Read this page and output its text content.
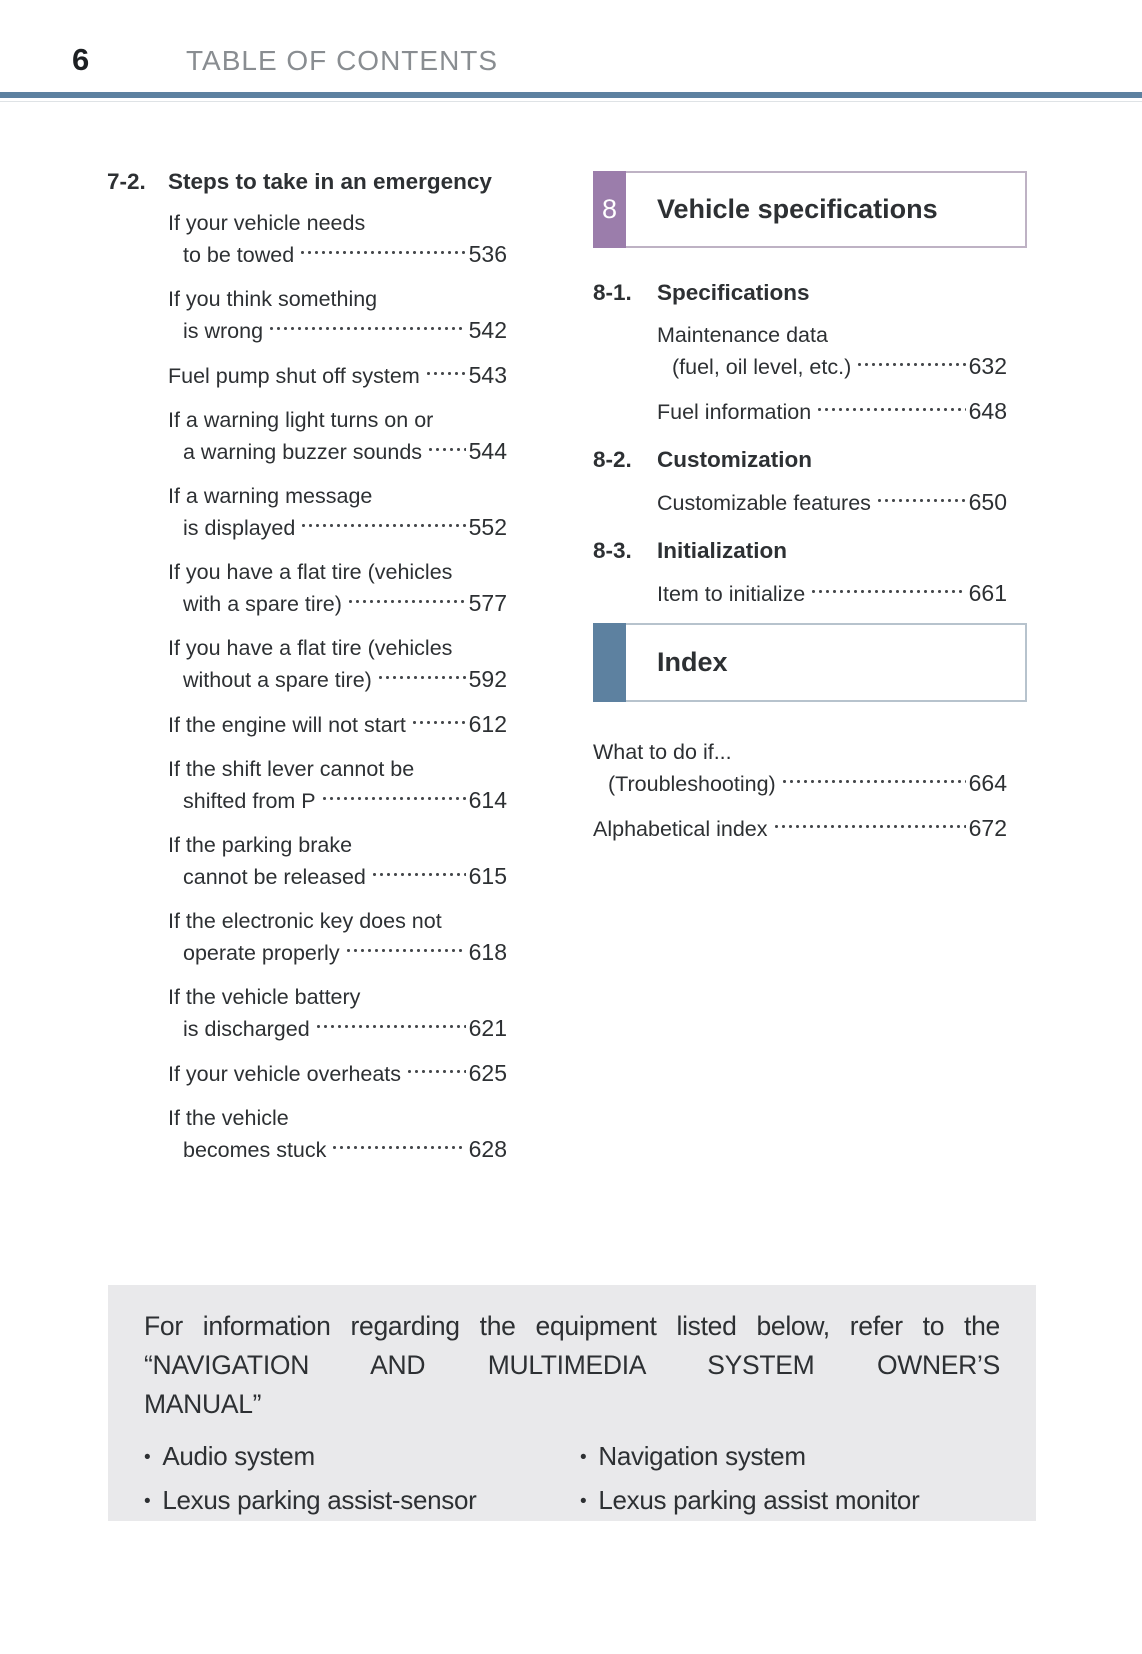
6	TABLE OF CONTENTS
7-2. Steps to take in an emergency
If your vehicle needs
to be towed	536
If you think something
is wrong	542
Fuel pump shut off system 543
If a warning light turns on or
a warning buzzer sounds 544
If a warning message
is displayed	552
If you have a flat tire (vehicles
with a spare tire)	577
If you have a flat tire (vehicles
without a spare tire)	592
If the engine will not start	612
If the shift lever cannot be
shifted from P	614
If the parking brake
cannot be released	615
If the electronic key does not
operate properly	618
If the vehicle battery
is discharged	621
If your vehicle overheats	625
If the vehicle
becomes stuck	628
8	Vehicle specifications
8-1.	Specifications
Maintenance data
(fuel, oil level, etc.)	632
Fuel information	648
8-2.	Customization
Customizable features	650
8-3.	Initialization
Item to initialize	661
Index
What to do if...
(Troubleshooting)	664
Alphabetical index	672
For information regarding the equipment listed below, refer to the
“NAVIGATION AND MULTIMEDIA SYSTEM OWNER’S
MANUAL”
• Audio system
• Lexus parking assist-sensor
• Navigation system
• Lexus parking assist monitor
